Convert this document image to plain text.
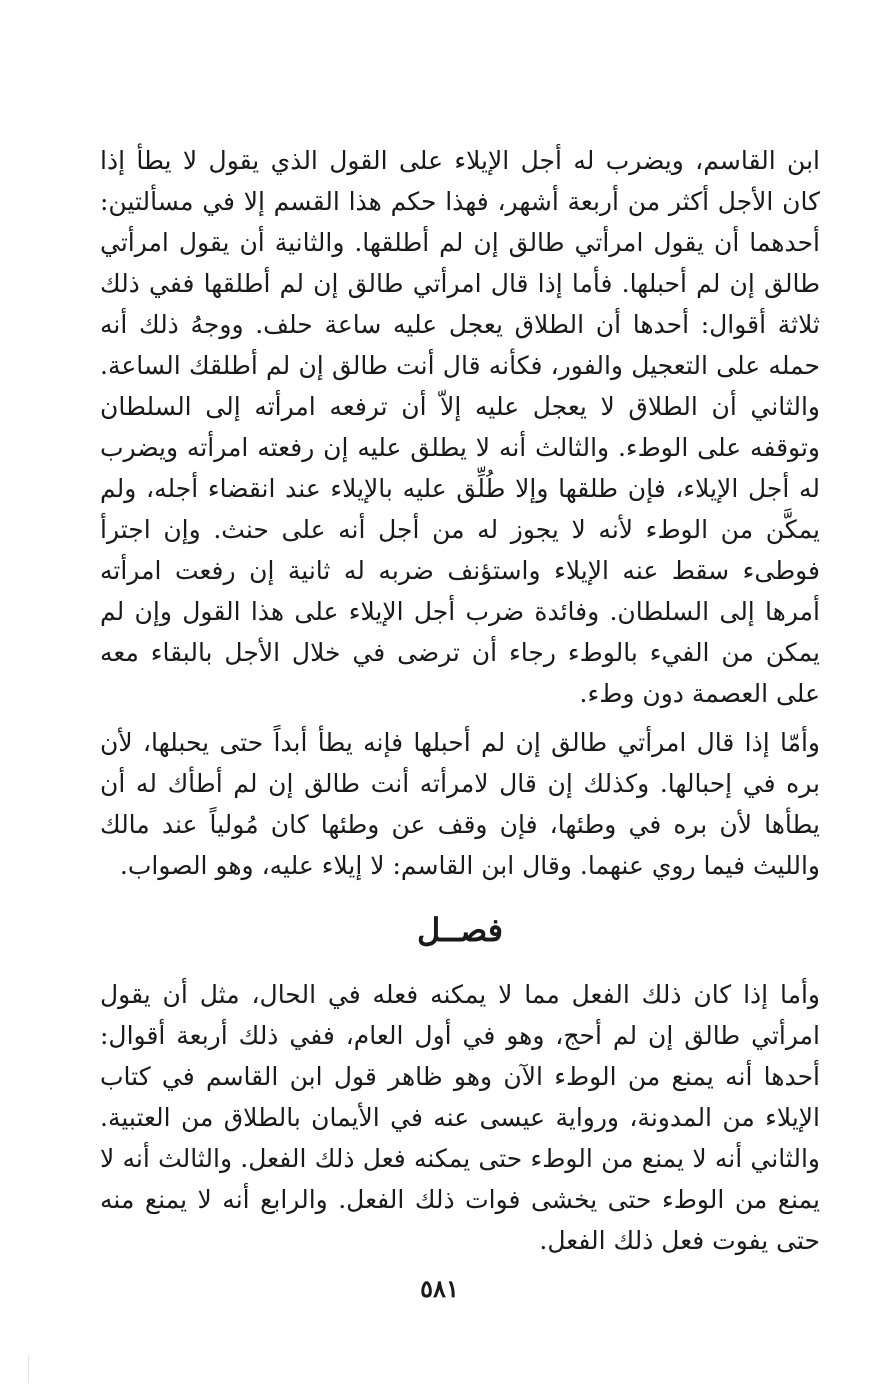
ابن القاسم، ويضرب له أجل الإيلاء على القول الذي يقول لا يطأ إذا كان الأجل أكثر من أربعة أشهر، فهذا حكم هذا القسم إلا في مسألتين: أحدهما أن يقول امرأتي طالق إن لم أطلقها. والثانية أن يقول امرأتي طالق إن لم أحبلها. فأما إذا قال امرأتي طالق إن لم أطلقها ففي ذلك ثلاثة أقوال: أحدها أن الطلاق يعجل عليه ساعة حلف. ووجهُ ذلك أنه حمله على التعجيل والفور، فكأنه قال أنت طالق إن لم أطلقك الساعة. والثاني أن الطلاق لا يعجل عليه إلاّ أن ترفعه امرأته إلى السلطان وتوقفه على الوطء. والثالث أنه لا يطلق عليه إن رفعته امرأته ويضرب له أجل الإيلاء، فإن طلقها وإلا طُلِّق عليه بالإيلاء عند انقضاء أجله، ولم يمكَّن من الوطء لأنه لا يجوز له من أجل أنه على حنث. وإن اجترأ فوطىء سقط عنه الإيلاء واستؤنف ضربه له ثانية إن رفعت امرأته أمرها إلى السلطان. وفائدة ضرب أجل الإيلاء على هذا القول وإن لم يمكن من الفيء بالوطء رجاء أن ترضى في خلال الأجل بالبقاء معه على العصمة دون وطء.

وأمّا إذا قال امرأتي طالق إن لم أحبلها فإنه يطأ أبداً حتى يحبلها، لأن بره في إحبالها. وكذلك إن قال لامرأته أنت طالق إن لم أطأك له أن يطأها لأن بره في وطئها، فإن وقف عن وطئها كان مُولياً عند مالك والليث فيما روي عنهما. وقال ابن القاسم: لا إيلاء عليه، وهو الصواب.

فصــل

وأما إذا كان ذلك الفعل مما لا يمكنه فعله في الحال، مثل أن يقول امرأتي طالق إن لم أحج، وهو في أول العام، ففي ذلك أربعة أقوال: أحدها أنه يمنع من الوطء الآن وهو ظاهر قول ابن القاسم في كتاب الإيلاء من المدونة، ورواية عيسى عنه في الأيمان بالطلاق من العتبية. والثاني أنه لا يمنع من الوطء حتى يمكنه فعل ذلك الفعل. والثالث أنه لا يمنع من الوطء حتى يخشى فوات ذلك الفعل. والرابع أنه لا يمنع منه حتى يفوت فعل ذلك الفعل.

٥٨١
